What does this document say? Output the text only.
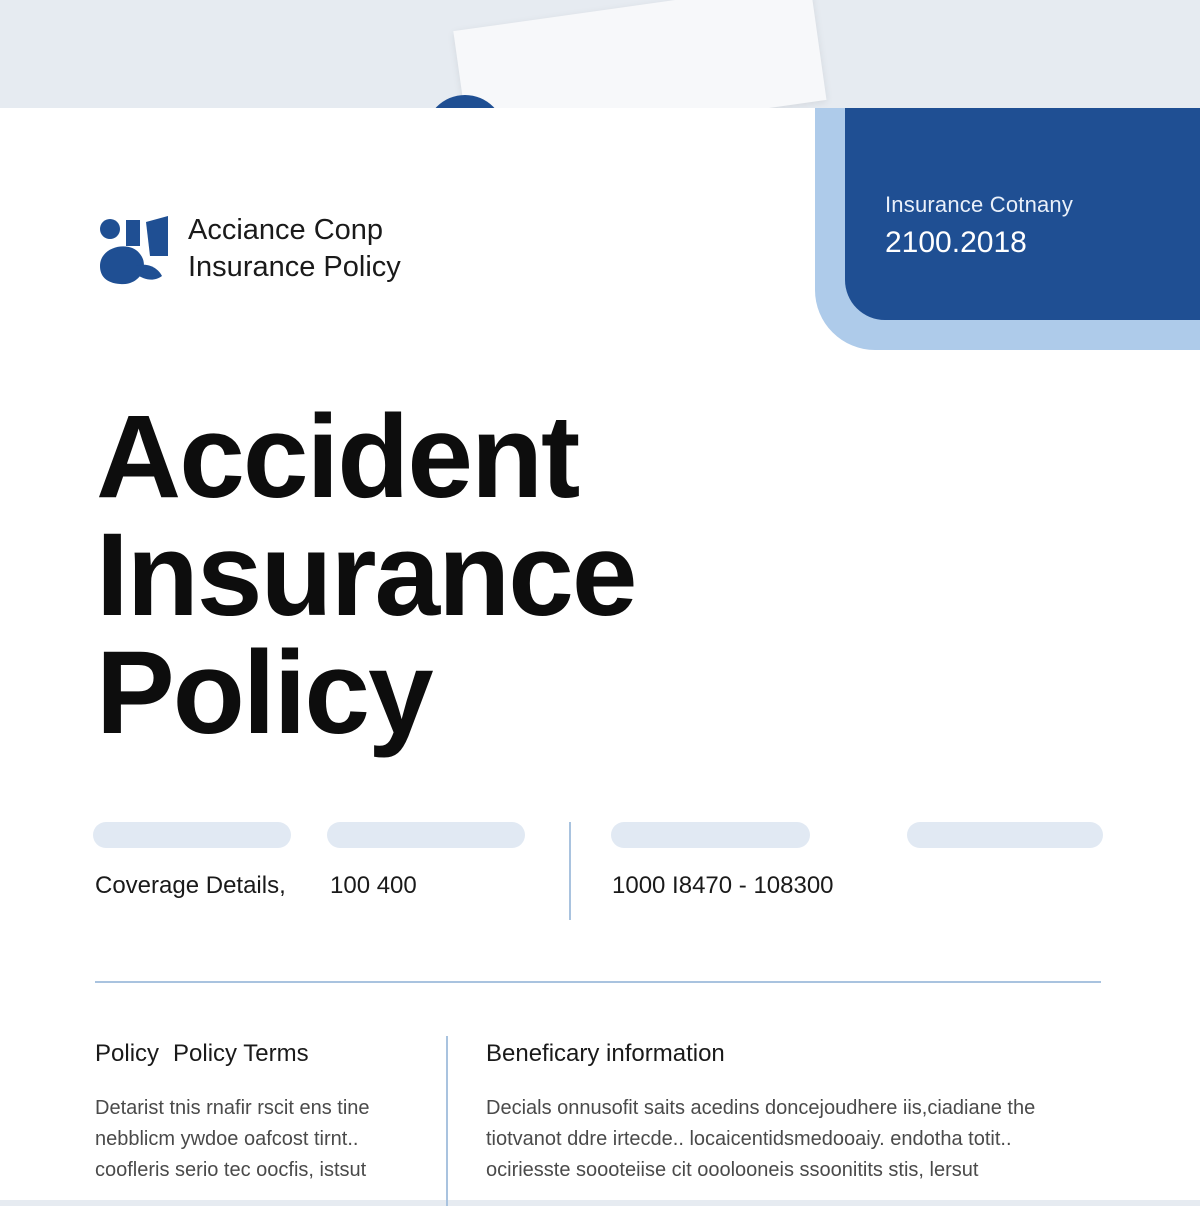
Insurance Cotnany
2100.2018
Acciance Conp
Insurance Policy
Accident
Insurance
Policy
Coverage Details, 100 400	1000 I8470 - 108300
Policy Policy Terms
Detarist tnis rnafir rscit ens tine
nebblicm ywdoe oafcost tirnt..
coofleris serio tec oocfis, istsut
Beneficary information
Decials onnusofit saits acedins doncejoudhere iis,ciadiane the
tiotvanot ddre irtecde.. locaicentidsmedooaiy. endotha totit..
ociriesste soooteiise cit ooolooneis ssoonitits stis, lersut
